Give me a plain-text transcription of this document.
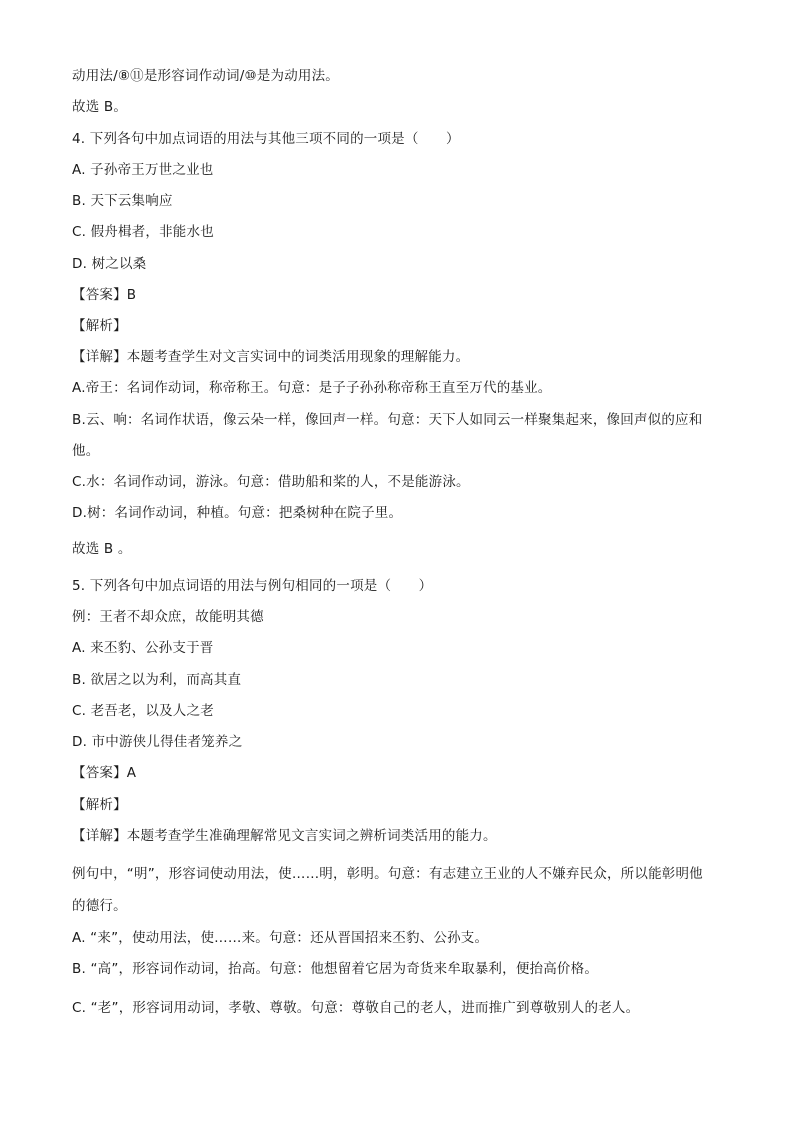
动用法/⑧⑪是形容词作动词/⑩是为动用法。
故选 B。
4. 下列各句中加点词语的用法与其他三项不同的一项是（　　）
A. 子孙帝王万世之业也
B. 天下云集响应
C. 假舟楫者，非能水也
D. 树之以桑
【答案】B
【解析】
【详解】本题考查学生对文言实词中的词类活用现象的理解能力。
A.帝王：名词作动词，称帝称王。句意：是子子孙孙称帝称王直至万代的基业。
B.云、响：名词作状语，像云朵一样，像回声一样。句意：天下人如同云一样聚集起来，像回声似的应和
他。
C.水：名词作动词，游泳。句意：借助船和桨的人，不是能游泳。
D.树：名词作动词，种植。句意：把桑树种在院子里。
故选 B 。
5. 下列各句中加点词语的用法与例句相同的一项是（　　）
例：王者不却众庶，故能明其德
A. 来丕豹、公孙支于晋
B. 欲居之以为利，而高其直
C. 老吾老，以及人之老
D. 市中游侠儿得佳者笼养之
【答案】A
【解析】
【详解】本题考查学生准确理解常见文言实词之辨析词类活用的能力。
例句中，“明”，形容词使动用法，使……明，彰明。句意：有志建立王业的人不嫌弃民众，所以能彰明他
的德行。
A. “来”，使动用法，使……来。句意：还从晋国招来丕豹、公孙支。
B. “高”，形容词作动词，抬高。句意：他想留着它居为奇货来牟取暴利，便抬高价格。
C. “老”，形容词用动词，孝敬、尊敬。句意：尊敬自己的老人，进而推广到尊敬别人的老人。
